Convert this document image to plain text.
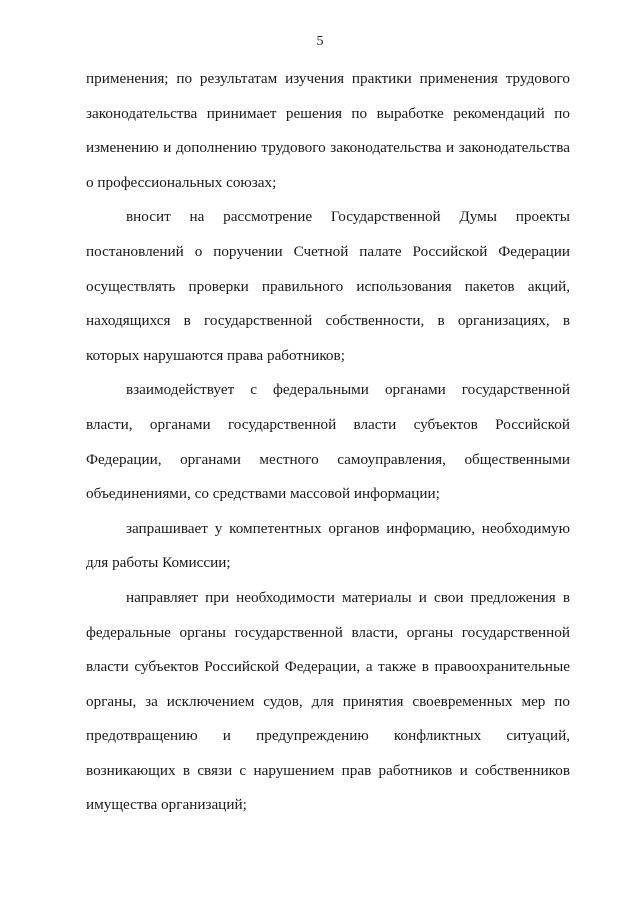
5

применения; по результатам изучения практики применения трудового законодательства принимает решения по выработке рекомендаций по изменению и дополнению трудового законодательства и законодательства о профессиональных союзах;

вносит на рассмотрение Государственной Думы проекты постановлений о поручении Счетной палате Российской Федерации осуществлять проверки правильного использования пакетов акций, находящихся в государственной собственности, в организациях, в которых нарушаются права работников;

взаимодействует с федеральными органами государственной власти, органами государственной власти субъектов Российской Федерации, органами местного самоуправления, общественными объединениями, со средствами массовой информации;

запрашивает у компетентных органов информацию, необходимую для работы Комиссии;

направляет при необходимости материалы и свои предложения в федеральные органы государственной власти, органы государственной власти субъектов Российской Федерации, а также в правоохранительные органы, за исключением судов, для принятия своевременных мер по предотвращению и предупреждению конфликтных ситуаций, возникающих в связи с нарушением прав работников и собственников имущества организаций;
